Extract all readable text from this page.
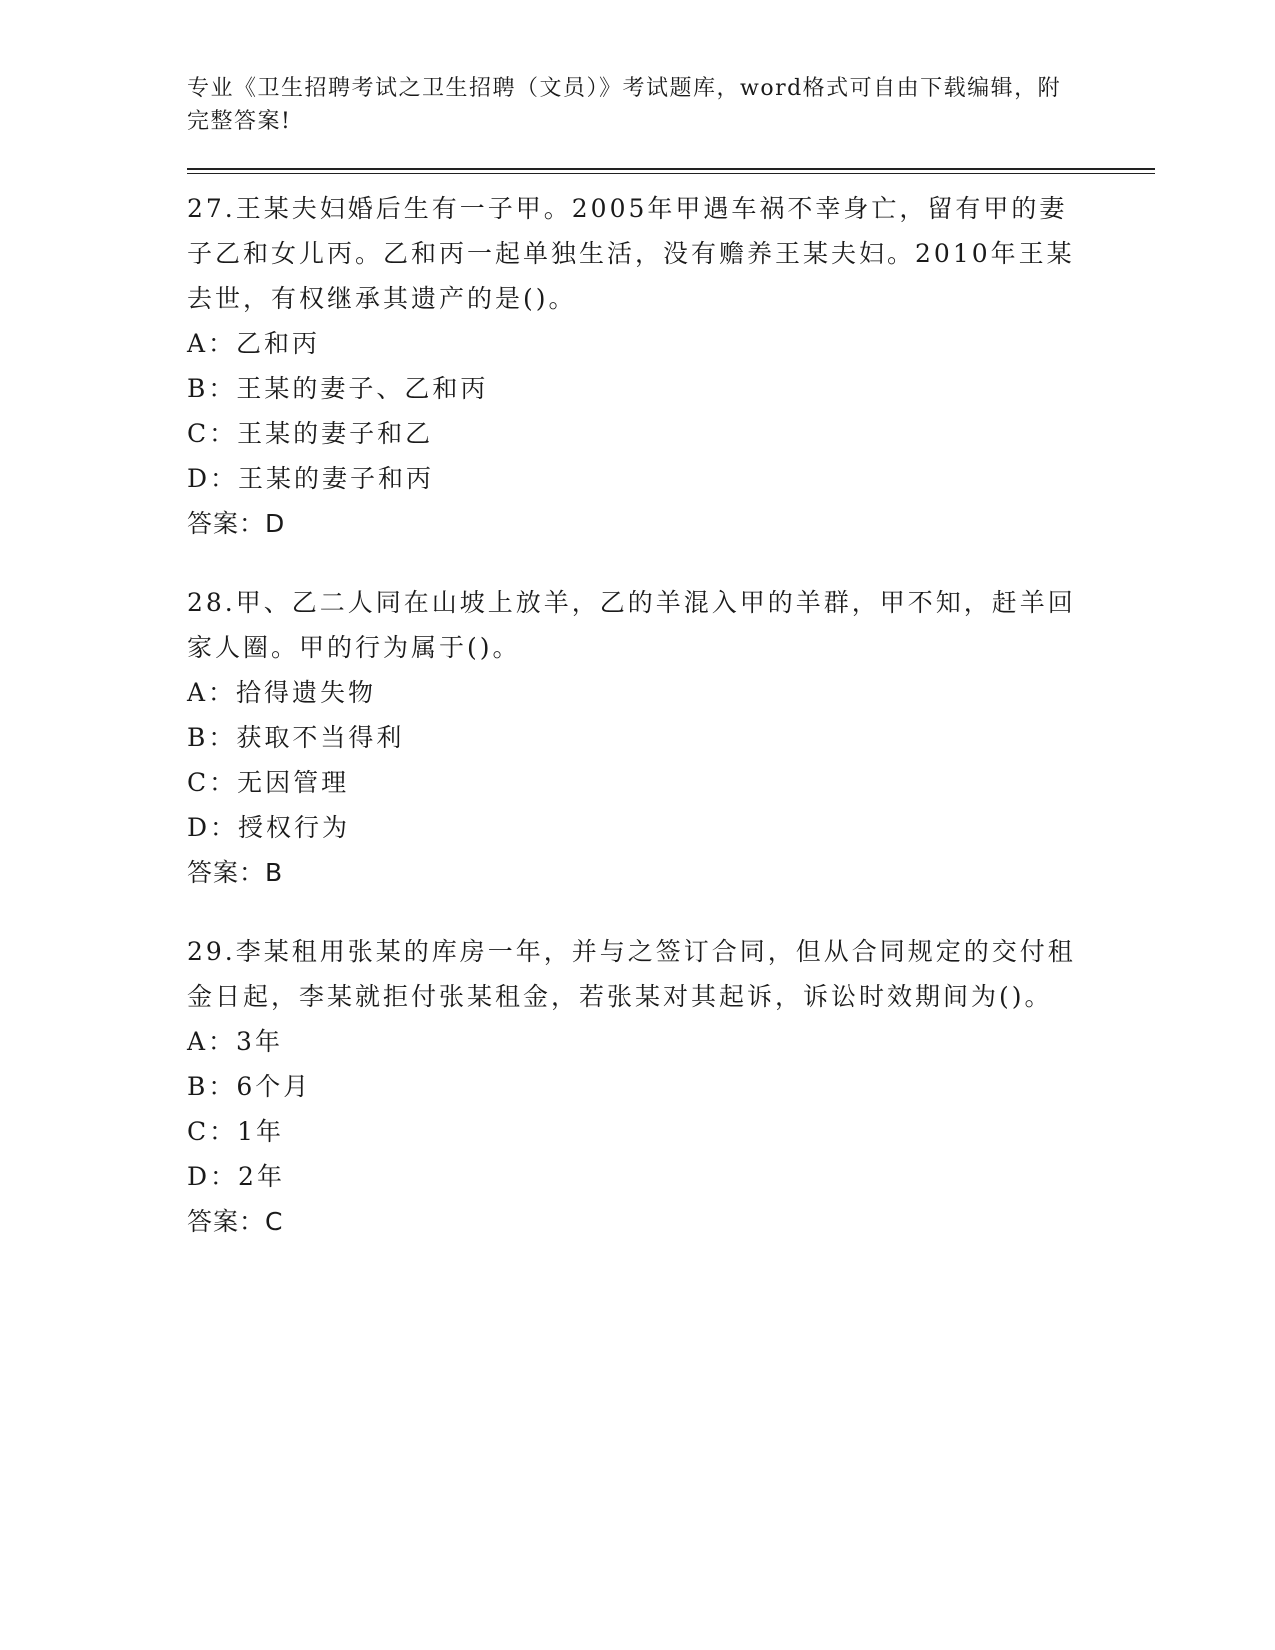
专业《卫生招聘考试之卫生招聘（文员）》考试题库，word格式可自由下载编辑，附完整答案!

27.王某夫妇婚后生有一子甲。2005年甲遇车祸不幸身亡，留有甲的妻子乙和女儿丙。乙和丙一起单独生活，没有赡养王某夫妇。2010年王某去世，有权继承其遗产的是()。

A：乙和丙

B：王某的妻子、乙和丙

C：王某的妻子和乙

D：王某的妻子和丙

答案：D

28.甲、乙二人同在山坡上放羊，乙的羊混入甲的羊群，甲不知，赶羊回家人圈。甲的行为属于()。

A：拾得遗失物

B：获取不当得利

C：无因管理

D：授权行为

答案：B

29.李某租用张某的库房一年，并与之签订合同，但从合同规定的交付租金日起，李某就拒付张某租金，若张某对其起诉，诉讼时效期间为()。

A：3年

B：6个月

C：1年

D：2年

答案：C
